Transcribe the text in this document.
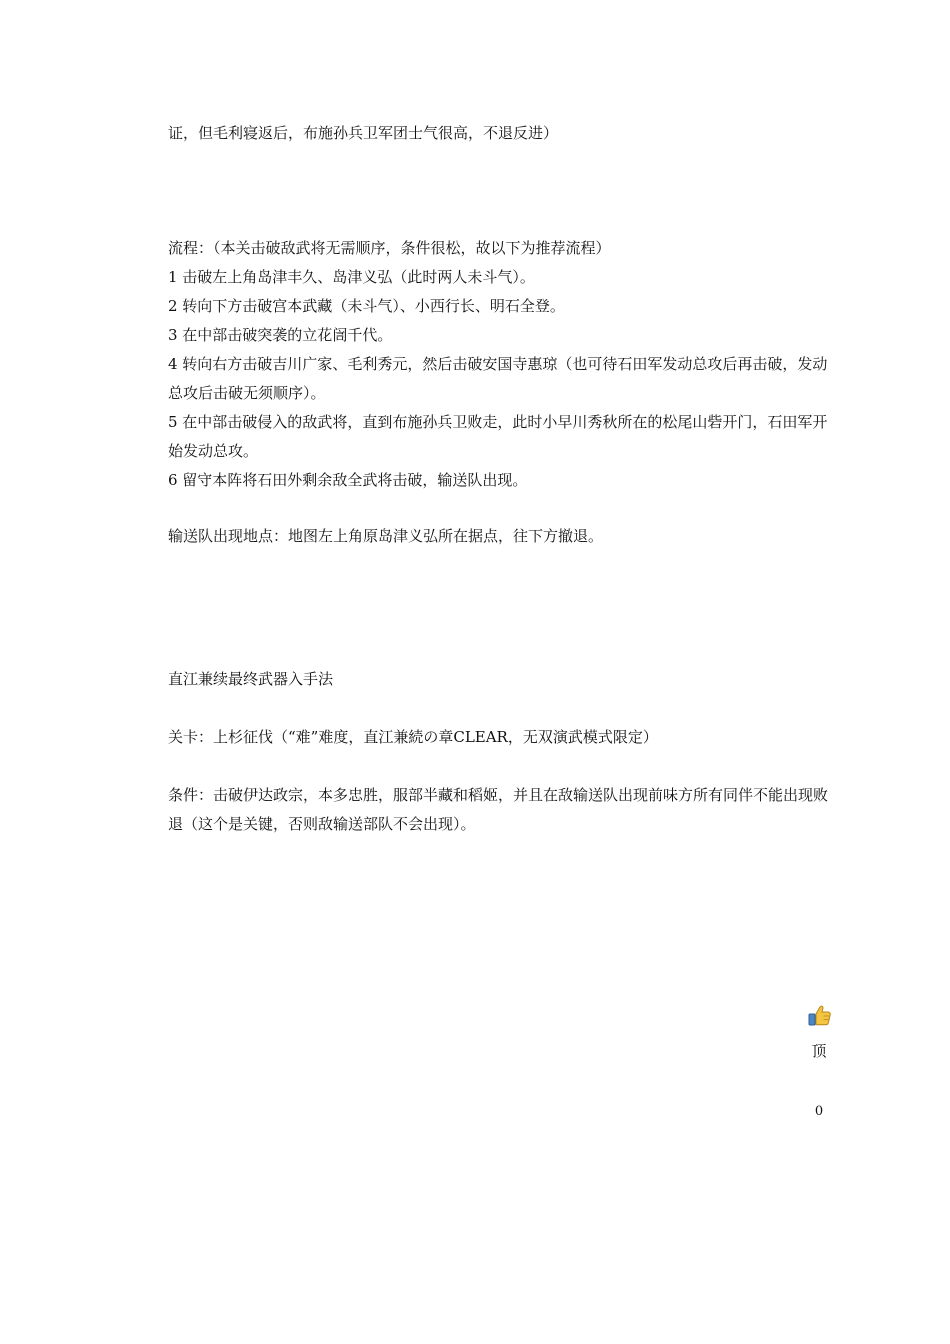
证，但毛利寝返后，布施孙兵卫军团士气很高，不退反进）

流程：（本关击破敌武将无需顺序，条件很松，故以下为推荐流程）

1 击破左上角岛津丰久、岛津义弘（此时两人未斗气）。

2 转向下方击破宫本武藏（未斗气）、小西行长、明石全登。

3 在中部击破突袭的立花訚千代。

4 转向右方击破吉川广家、毛利秀元，然后击破安国寺惠琼（也可待石田军发动总攻后再击破，发动总攻后击破无须顺序）。

5 在中部击破侵入的敌武将，直到布施孙兵卫败走，此时小早川秀秋所在的松尾山砦开门，石田军开始发动总攻。

6 留守本阵将石田外剩余敌全武将击破，输送队出现。

输送队出现地点：地图左上角原岛津义弘所在据点，往下方撤退。

直江兼续最终武器入手法

关卡：上杉征伐（“难”难度，直江兼続の章CLEAR，无双演武模式限定）

条件：击破伊达政宗，本多忠胜，服部半藏和稻姬，并且在敌输送队出现前味方所有同伴不能出现败退（这个是关键，否则敌输送部队不会出现）。

顶
0
